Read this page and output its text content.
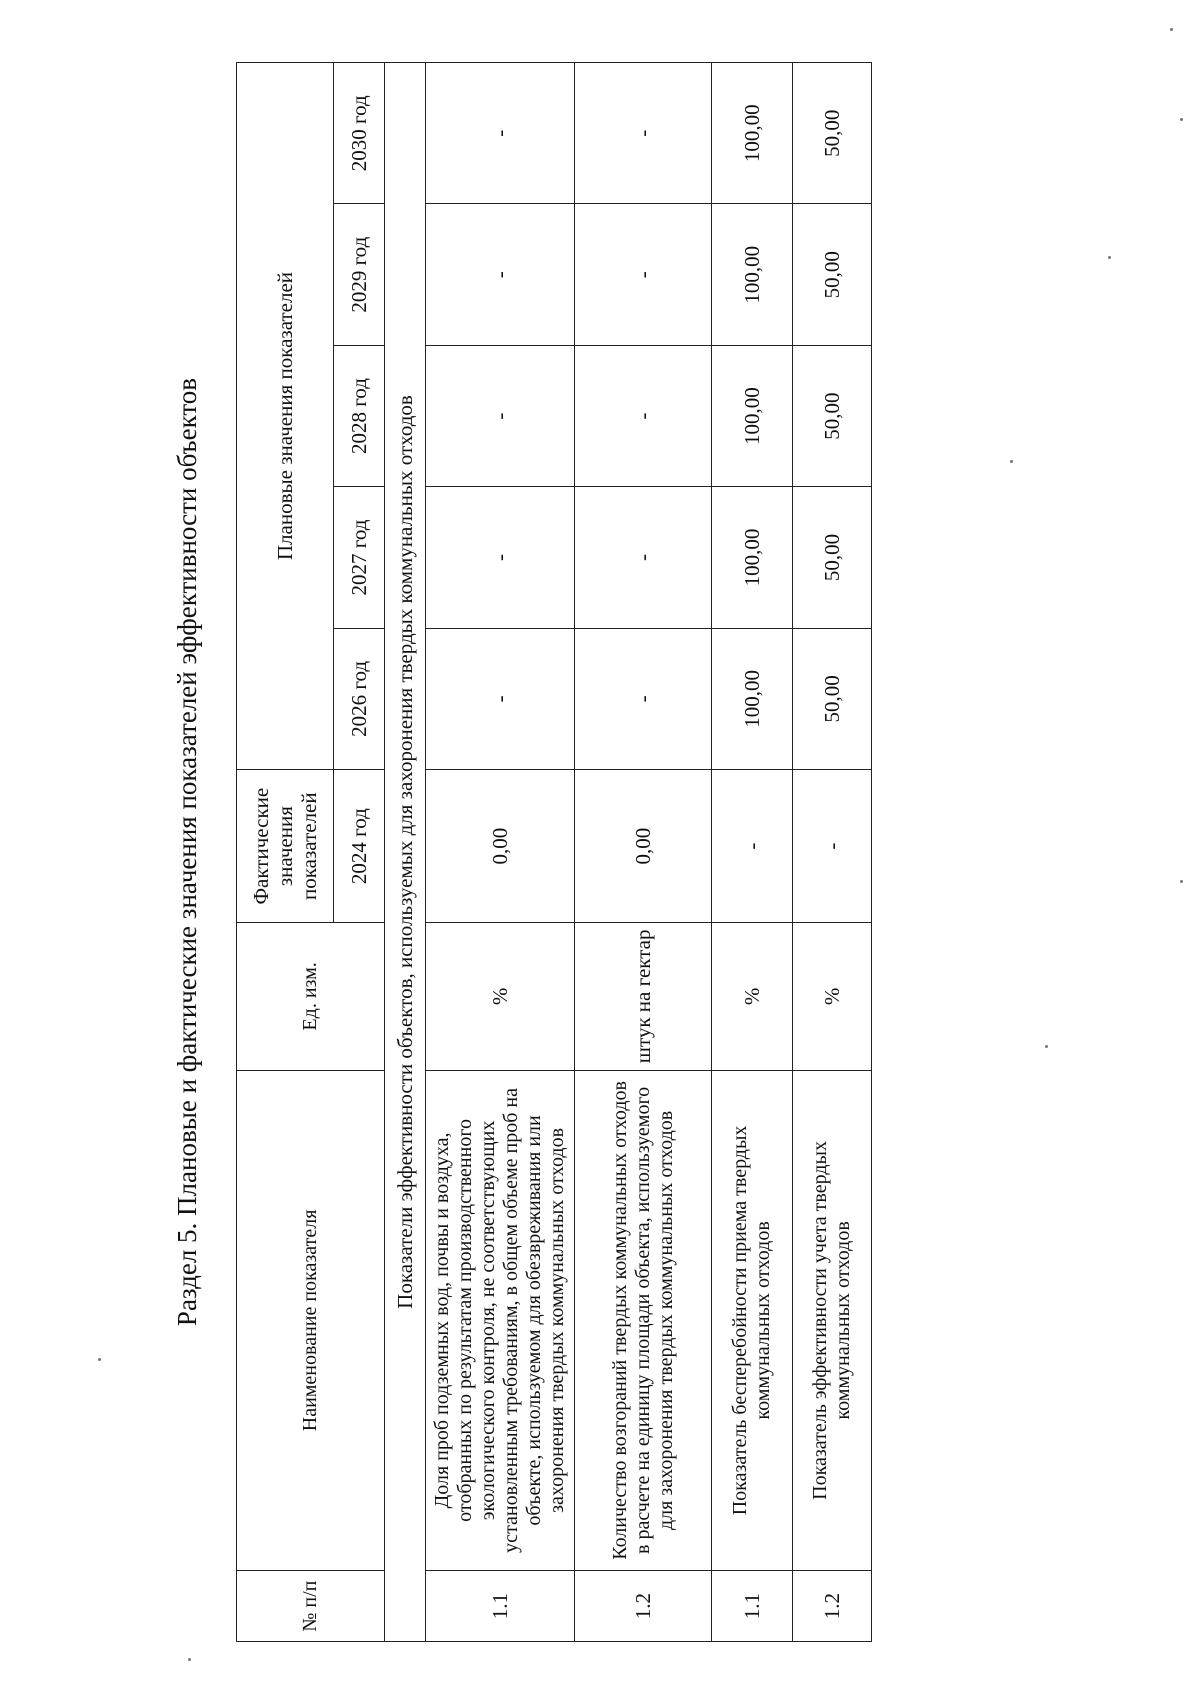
Раздел 5. Плановые и фактические значения показателей эффективности объектов
№ п/п	Наименование показателя	Ед. изм.	Фактические значения показателей	Плановые значения показателей				
			2024 год	2026 год	2027 год	2028 год	2029 год	2030 год
Показатели эффективности объектов, используемых для захоронения твердых коммунальных отходов								
1.1	Доля проб подземных вод, почвы и воздуха, отобранных по результатам производственного экологического контроля, не соответствующих установленным требованиям, в общем объеме проб на объекте, используемом для обезвреживания или захоронения твердых коммунальных отходов	%	0,00	-	-	-	-	-
1.2	Количество возгораний твердых коммунальных отходов в расчете на единицу площади объекта, используемого для захоронения твердых коммунальных отходов	штук на гектар	0,00	-	-	-	-	-
1.1	Показатель бесперебойности приема твердых коммунальных отходов	%	-	100,00	100,00	100,00	100,00	100,00
1.2	Показатель эффективности учета твердых коммунальных отходов	%	-	50,00	50,00	50,00	50,00	50,00
